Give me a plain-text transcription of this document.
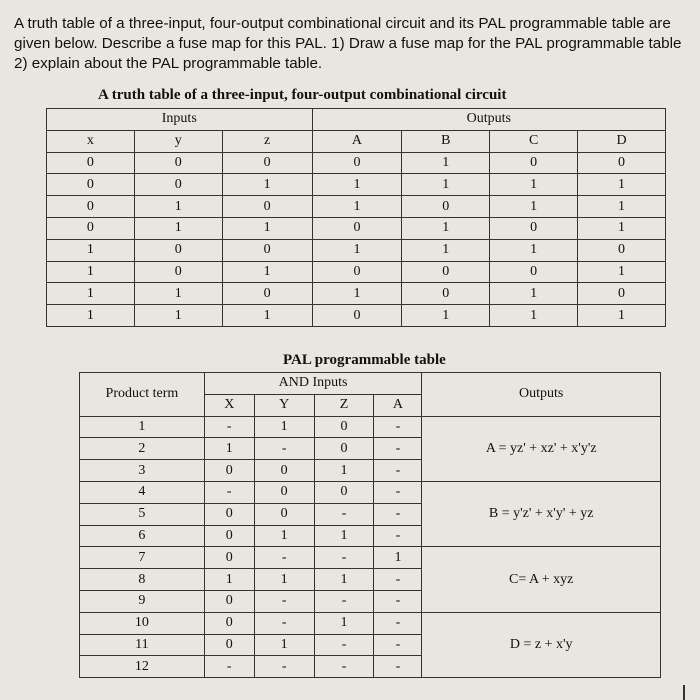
A truth table of a three-input, four-output combinational circuit and its PAL programmable table are given below. Describe a fuse map for this PAL. 1) Draw a fuse map for the PAL programmable table 2) explain about the PAL programmable table.
A truth table of a three-input, four-output combinational circuit
Inputs			Outputs			
x	y	z	A	B	C	D
0	0	0	0	1	0	0
0	0	1	1	1	1	1
0	1	0	1	0	1	1
0	1	1	0	1	0	1
1	0	0	1	1	1	0
1	0	1	0	0	0	1
1	1	0	1	0	1	0
1	1	1	0	1	1	1
PAL programmable table
Product term	AND Inputs				Outputs
	X	Y	Z	A	
1	-	1	0	-	A = yz' + xz' + x'y'z
2	1	-	0	-	
3	0	0	1	-	
4	-	0	0	-	B = y'z' + x'y' + yz
5	0	0	-	-	
6	0	1	1	-	
7	0	-	-	1	C= A + xyz
8	1	1	1	-	
9	0	-	-	-	
10	0	-	1	-	D = z + x'y
11	0	1	-	-	
12	-	-	-	-	
